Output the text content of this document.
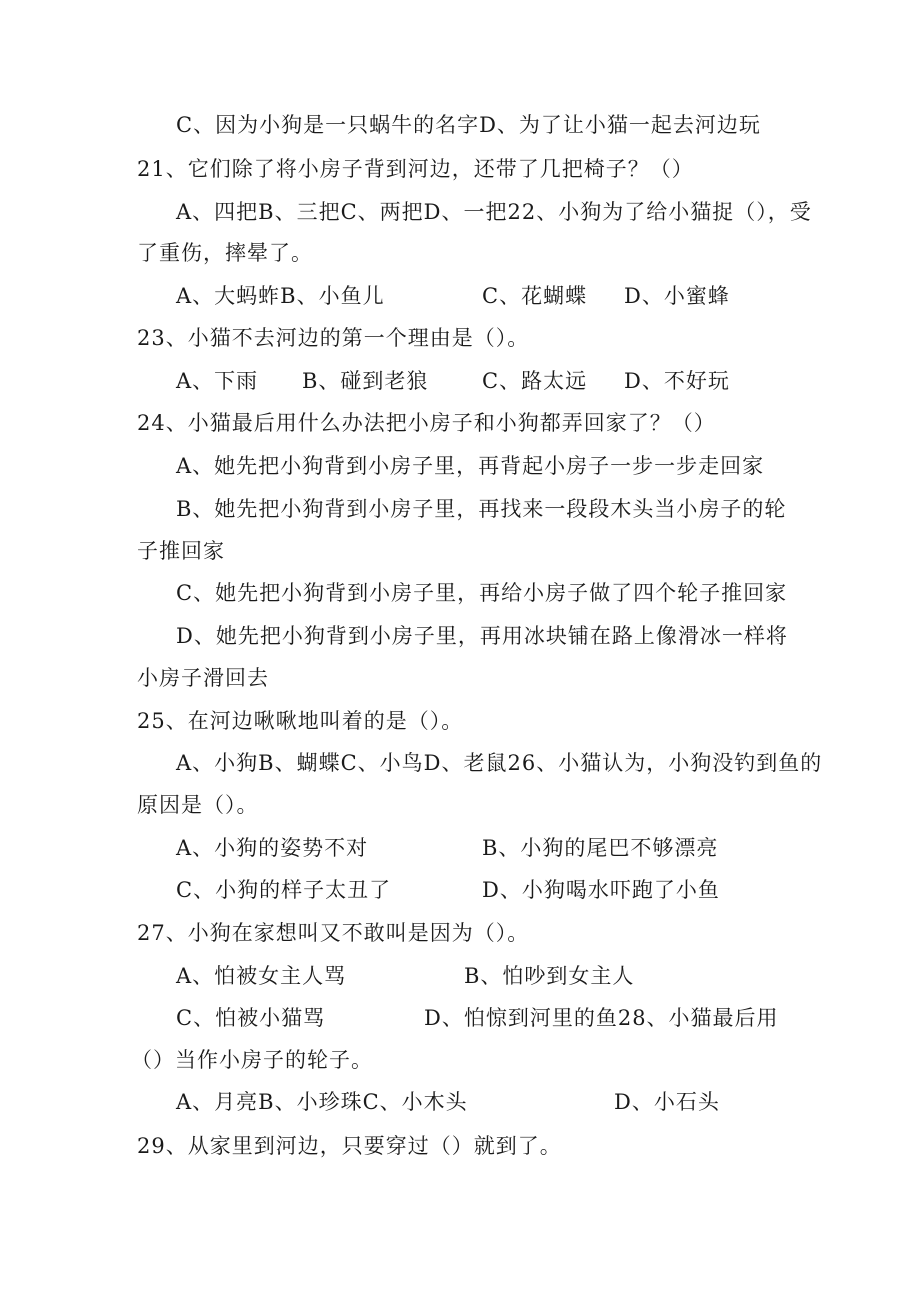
C、因为小狗是一只蜗牛的名字D、为了让小猫一起去河边玩
21、它们除了将小房子背到河边，还带了几把椅子？（）
A、四把B、三把C、两把D、一把22、小狗为了给小猫捉（），受
了重伤，摔晕了。
A、大蚂蚱B、小鱼儿	C、花蝴蝶 D、小蜜蜂
23、小猫不去河边的第一个理由是（）。
A、下雨 B、碰到老狼	C、路太远 D、不好玩
24、小猫最后用什么办法把小房子和小狗都弄回家了？（）
A、她先把小狗背到小房子里，再背起小房子一步一步走回家
B、她先把小狗背到小房子里，再找来一段段木头当小房子的轮
子推回家
C、她先把小狗背到小房子里，再给小房子做了四个轮子推回家
D、她先把小狗背到小房子里，再用冰块铺在路上像滑冰一样将
小房子滑回去
25、在河边啾啾地叫着的是（）。
A、小狗B、蝴蝶C、小鸟D、老鼠26、小猫认为，小狗没钓到鱼的
原因是（）。
A、小狗的姿势不对	B、小狗的尾巴不够漂亮
C、小狗的样子太丑了	D、小狗喝水吓跑了小鱼
27、小狗在家想叫又不敢叫是因为（）。
A、怕被女主人骂	B、怕吵到女主人
C、怕被小猫骂	D、怕惊到河里的鱼28、小猫最后用
（）当作小房子的轮子。
A、月亮B、小珍珠C、小木头	D、小石头
29、从家里到河边，只要穿过（）就到了。
